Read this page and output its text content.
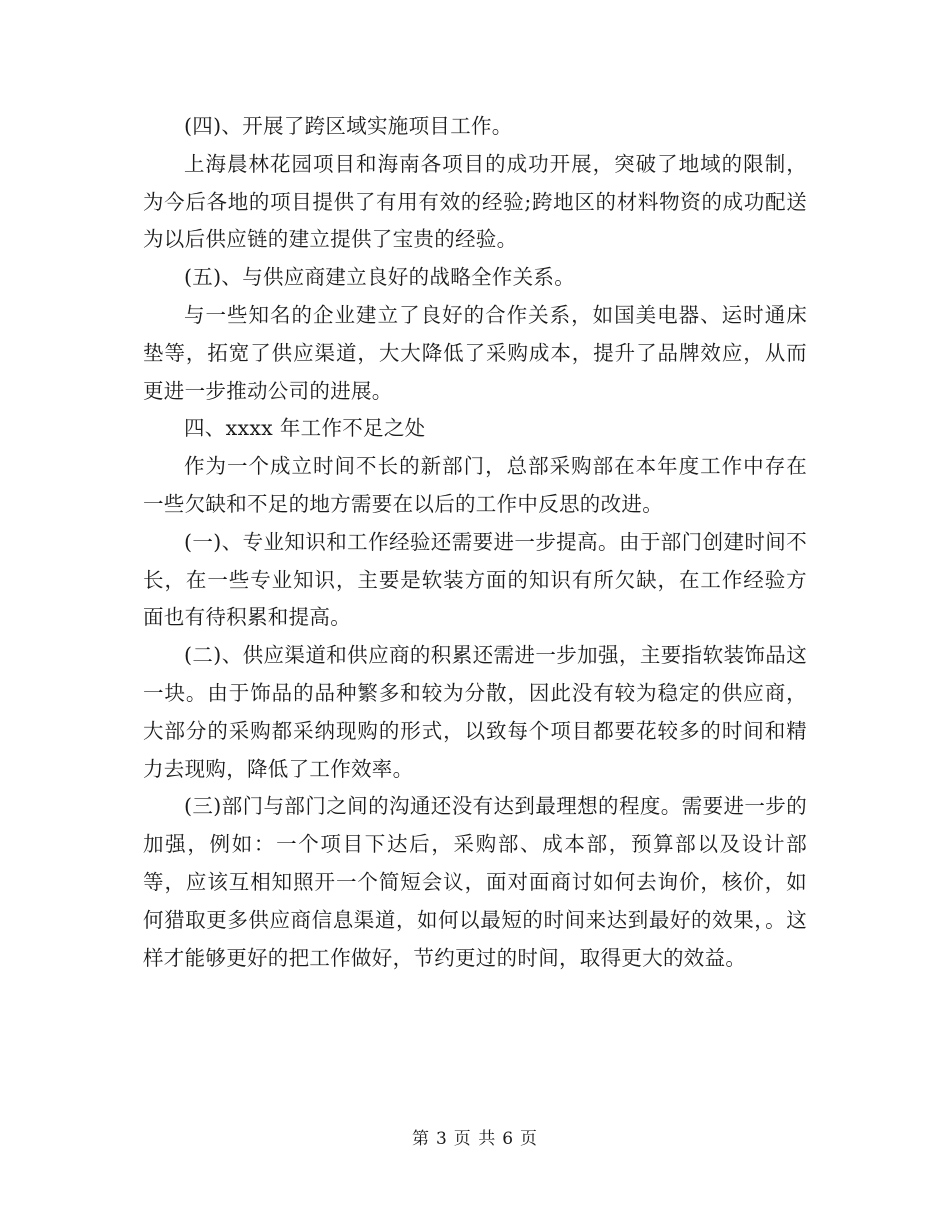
(四)、开展了跨区域实施项目工作。

上海晨林花园项目和海南各项目的成功开展，突破了地域的限制，为今后各地的项目提供了有用有效的经验;跨地区的材料物资的成功配送为以后供应链的建立提供了宝贵的经验。

(五)、与供应商建立良好的战略全作关系。

与一些知名的企业建立了良好的合作关系，如国美电器、运时通床垫等，拓宽了供应渠道，大大降低了采购成本，提升了品牌效应，从而更进一步推动公司的进展。

四、xxxx 年工作不足之处

作为一个成立时间不长的新部门，总部采购部在本年度工作中存在一些欠缺和不足的地方需要在以后的工作中反思的改进。

(一)、专业知识和工作经验还需要进一步提高。由于部门创建时间不长，在一些专业知识，主要是软装方面的知识有所欠缺，在工作经验方面也有待积累和提高。

(二)、供应渠道和供应商的积累还需进一步加强，主要指软装饰品这一块。由于饰品的品种繁多和较为分散，因此没有较为稳定的供应商，大部分的采购都采纳现购的形式，以致每个项目都要花较多的时间和精力去现购，降低了工作效率。

(三)部门与部门之间的沟通还没有达到最理想的程度。需要进一步的加强，例如：一个项目下达后，采购部、成本部，预算部以及设计部等，应该互相知照开一个简短会议，面对面商讨如何去询价，核价，如何猎取更多供应商信息渠道，如何以最短的时间来达到最好的效果，。这样才能够更好的把工作做好，节约更过的时间，取得更大的效益。

第 3 页 共 6 页
